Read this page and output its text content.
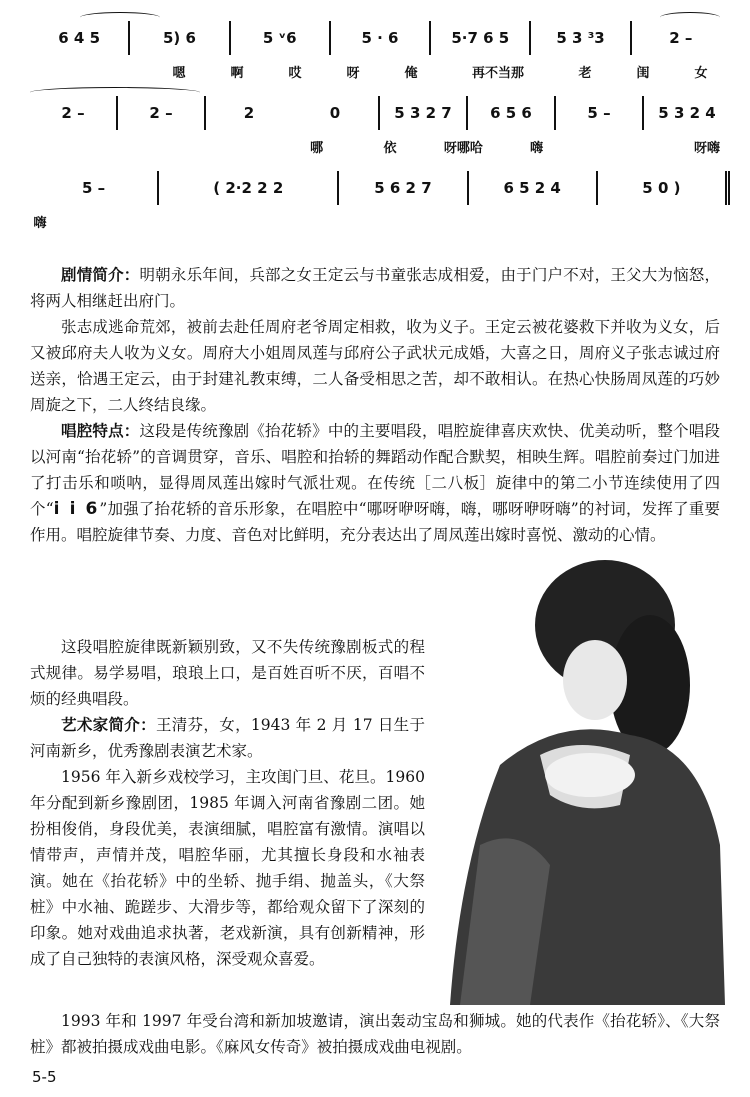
6 4 5	5) 6	5 ᵛ6	5 · 6	5·7 6 5	5 3 ³3	2 –
嗯	啊	哎	呀	俺	再不当那	老	闺	女
2 –	2 –	2	0	5 3 2 7	6 5 6	5 –	5 3 2 4
哪	依	呀哪哈	嗨	呀嗨
5 –	( 2·2 2 2	5 6 2 7	6 5 2 4	5 0 )
嗨

剧情简介：明朝永乐年间，兵部之女王定云与书童张志成相爱，由于门户不对，王父大为恼怒，将两人相继赶出府门。

张志成逃命荒郊，被前去赴任周府老爷周定相救，收为义子。王定云被花婆救下并收为义女，后又被邱府夫人收为义女。周府大小姐周凤莲与邱府公子武状元成婚，大喜之日，周府义子张志诚过府送亲，恰遇王定云，由于封建礼教束缚，二人备受相思之苦，却不敢相认。在热心快肠周凤莲的巧妙周旋之下，二人终结良缘。

唱腔特点：这段是传统豫剧《抬花轿》中的主要唱段，唱腔旋律喜庆欢快、优美动听，整个唱段以河南“抬花轿”的音调贯穿，音乐、唱腔和抬轿的舞蹈动作配合默契，相映生辉。唱腔前奏过门加进了打击乐和唢呐，显得周凤莲出嫁时气派壮观。在传统［二八板］旋律中的第二小节连续使用了四个“i i 6”加强了抬花轿的音乐形象，在唱腔中“哪呀咿呀嗨，嗨，哪呀咿呀嗨”的衬词，发挥了重要作用。唱腔旋律节奏、力度、音色对比鲜明，充分表达出了周凤莲出嫁时喜悦、激动的心情。

这段唱腔旋律既新颖别致，又不失传统豫剧板式的程式规律。易学易唱，琅琅上口，是百姓百听不厌，百唱不烦的经典唱段。

艺术家简介：王清芬，女，1943 年 2 月 17 日生于河南新乡，优秀豫剧表演艺术家。

1956 年入新乡戏校学习，主攻闺门旦、花旦。1960 年分配到新乡豫剧团，1985 年调入河南省豫剧二团。她扮相俊俏，身段优美，表演细腻，唱腔富有激情。演唱以情带声，声情并茂，唱腔华丽，尤其擅长身段和水袖表演。她在《抬花轿》中的坐轿、抛手绢、抛盖头，《大祭桩》中水袖、跪蹉步、大滑步等，都给观众留下了深刻的印象。她对戏曲追求执著，老戏新演，具有创新精神，形成了自己独特的表演风格，深受观众喜爱。

1993 年和 1997 年受台湾和新加坡邀请，演出轰动宝岛和狮城。她的代表作《抬花轿》、《大祭桩》都被拍摄成戏曲电影。《麻风女传奇》被拍摄成戏曲电视剧。

5-5
